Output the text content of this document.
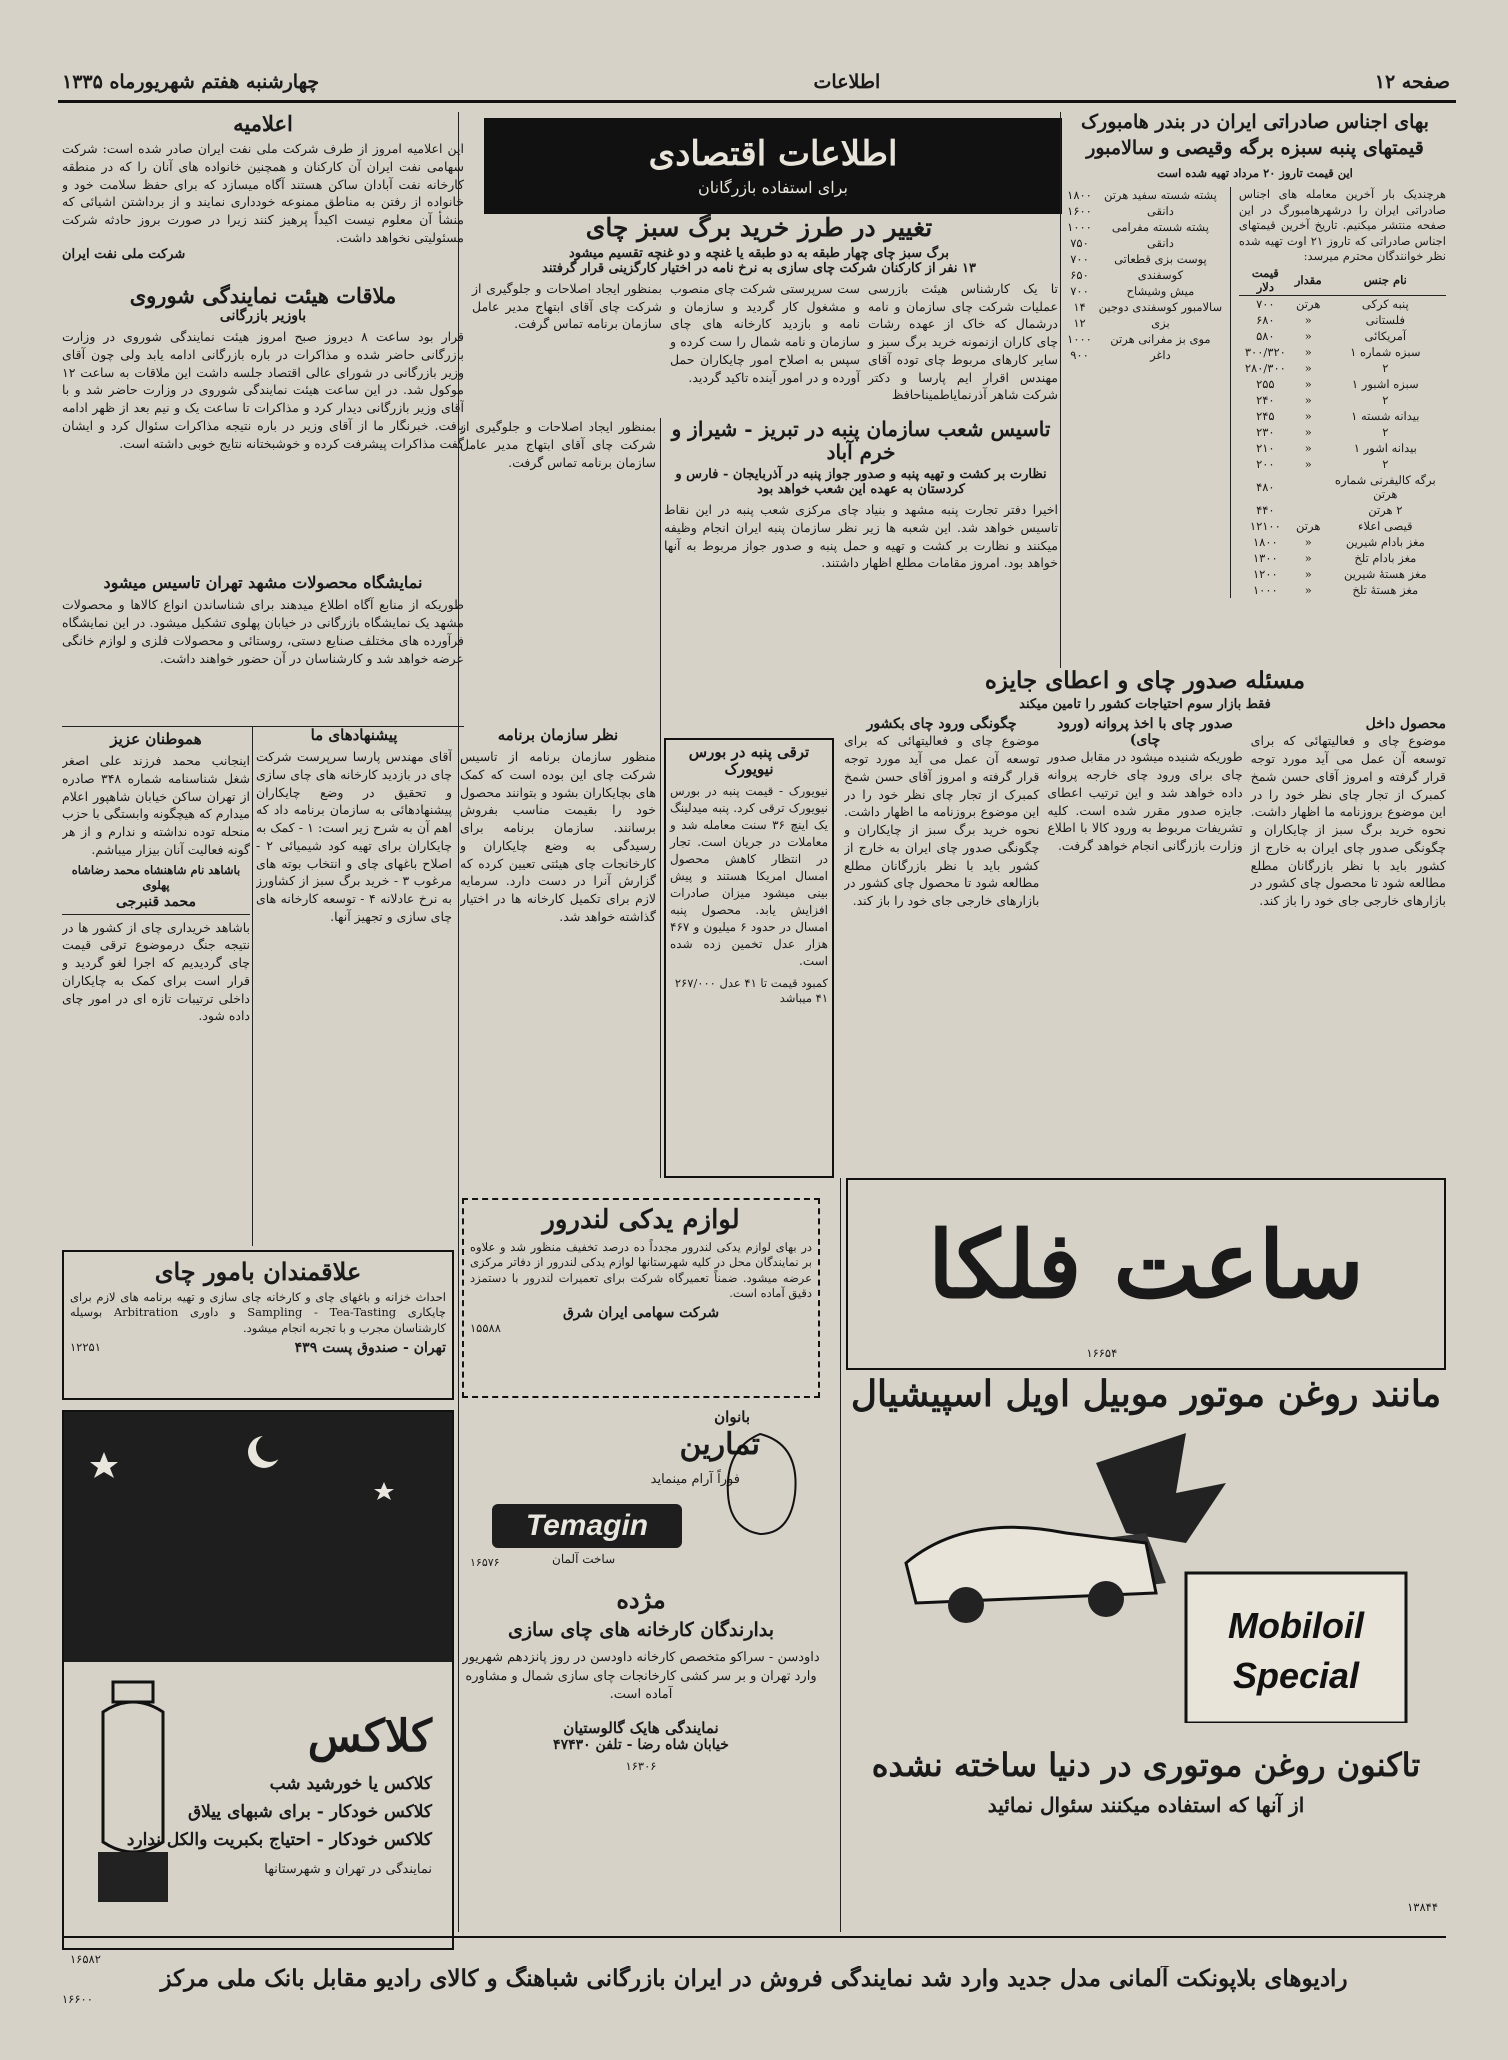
صفحه ۱۲
اطلاعات
چهارشنبه هفتم شهریورماه ۱۳۳۵
اطلاعات اقتصادی
برای استفاده بازرگانان
بهای اجناس صادراتی ایران در بندر هامبورک
قیمتهای پنبه سبزه برگه وقیصی و سالامبور
این قیمت تاروز ۲۰ مرداد تهیه شده است
هرچندیک بار آخرین معامله های اجناس صادراتی ایران را درشهرهامبورگ در این صفحه منتشر میکنیم. تاریخ آخرین قیمتهای اجناس صادراتی که تاروز ۲۱ اوت تهیه شده نظر خوانندگان محترم میرسد:
نام جنس	مقدار	قیمت دلار
پنبه کرکی	هرتن	۷۰۰
فلستانی	«	۶۸۰
آمریکائی	«	۵۸۰
سبزه شماره ۱	«	۳۰۰/۳۲۰
۲	«	۲۸۰/۳۰۰
سبزه اشبور ۱	«	۲۵۵
۲	«	۲۴۰
بیدانه شسته ۱	«	۲۴۵
۲	«	۲۳۰
بیدانه اشور ۱	«	۲۱۰
۲	«	۲۰۰
برگه کالیفرنی شماره هرتن		۴۸۰
۲ هرتن		۴۴۰
قیصی اعلاء	هرتن	۱۲۱۰۰
مغز بادام شیرین	«	۱۸۰۰
مغز بادام تلخ	«	۱۳۰۰
مغز هستهٔ شیرین	«	۱۲۰۰
مغز هستهٔ تلخ	«	۱۰۰۰
پشته شسته سفید هرتن	۱۸۰۰
دانقی	۱۶۰۰
پشته شسته مفرامی	۱۰۰۰
دانقی	۷۵۰
پوست بزی قطعاتی	۷۰۰
کوسفندی	۶۵۰
میش وشیشاح	۷۰۰
سالامبور کوسفندی دوجین	۱۴
بزی	۱۲
موی بز مفرانی هرتن	۱۰۰۰
داغر	۹۰۰
اعلامیه
این اعلامیه امروز از طرف شرکت ملی نفت ایران صادر شده است: شرکت سهامی نفت ایران آن کارکنان و همچنین خانواده های آنان را که در منطقه کارخانه نفت آبادان ساکن هستند آگاه میسازد که برای حفظ سلامت خود و خانواده از رفتن به مناطق ممنوعه خودداری نمایند و از برداشتن اشیائی که منشأ آن معلوم نیست اکیداً پرهیز کنند زیرا در صورت بروز حادثه شرکت مسئولیتی نخواهد داشت.
شرکت ملی نفت ایران
ملاقات هیئت نمایندگی شوروی
باوزیر بازرگانی
قرار بود ساعت ۸ دیروز صبح امروز هیئت نمایندگی شوروی در وزارت بازرگانی حاضر شده و مذاکرات در باره بازرگانی ادامه یابد ولی چون آقای وزیر بازرگانی در شورای عالی اقتصاد جلسه داشت این ملاقات به ساعت ۱۲ موکول شد. در این ساعت هیئت نمایندگی شوروی در وزارت حاضر شد و با آقای وزیر بازرگانی دیدار کرد و مذاکرات تا ساعت یک و نیم بعد از ظهر ادامه یافت. خبرنگار ما از آقای وزیر در باره نتیجه مذاکرات سئوال کرد و ایشان گفت مذاکرات پیشرفت کرده و خوشبختانه نتایج خوبی داشته است.
نمایشگاه محصولات مشهد تهران تاسیس میشود
طوریکه از منابع آگاه اطلاع میدهند برای شناساندن انواع کالاها و محصولات مشهد یک نمایشگاه بازرگانی در خیابان پهلوی تشکیل میشود. در این نمایشگاه فرآورده های مختلف صنایع دستی، روستائی و محصولات فلزی و لوازم خانگی عرضه خواهد شد و کارشناسان در آن حضور خواهند داشت.
تغییر در طرز خرید برگ سبز چای
برگ سبز چای چهار طبقه به دو طبقه یا غنچه و دو غنچه تقسیم میشود
۱۳ نفر از کارکنان شرکت چای سازی به نرخ نامه در اختیار کارگزینی قرار گرفتند
تا یک کارشناس هیئت بازرسی عملیات شرکت چای سازمان و نامه درشمال که خاک از عهده رشات چای کاران ازنمونه خرید برگ سبز و سایر کارهای مربوط چای توده آقای مهندس اقرار ایم پارسا و دکتر شرکت شاهر آذرنمایاطمیناحافظ
ست سرپرستی شرکت چای منصوب و مشغول کار گردید و سازمان و نامه و بازدید کارخانه های چای سازمان و نامه شمال را ست کرده و سپس به اصلاح امور چایکاران حمل آورده و در امور آینده تاکید گردید.
بمنظور ایجاد اصلاحات و جلوگیری از شرکت چای آقای ابتهاج مدیر عامل سازمان برنامه تماس گرفت.
تاسیس شعب سازمان پنبه در تبریز - شیراز و خرم آباد
نظارت بر کشت و تهیه پنبه و صدور جواز پنبه در آذربایجان - فارس و کردستان به عهده این شعب خواهد بود
اخیرا دفتر تجارت پنبه مشهد و بنیاد چای مرکزی شعب پنبه در این نقاط تاسیس خواهد شد. این شعبه ها زیر نظر سازمان پنبه ایران انجام وظیفه میکنند و نظارت بر کشت و تهیه و حمل پنبه و صدور جواز مربوط به آنها خواهد بود. امروز مقامات مطلع اظهار داشتند.
بمنظور ایجاد اصلاحات و جلوگیری از شرکت چای آقای ابتهاج مدیر عامل سازمان برنامه تماس گرفت.
نظر سازمان برنامه
منظور سازمان برنامه از تاسیس شرکت چای این بوده است که کمک های بچایکاران بشود و بتوانند محصول خود را بقیمت مناسب بفروش برسانند. سازمان برنامه برای رسیدگی به وضع چایکاران و کارخانجات چای هیئتی تعیین کرده که گزارش آنرا در دست دارد. سرمایه لازم برای تکمیل کارخانه ها در اختیار گذاشته خواهد شد.
ترقی پنبه در بورس نیویورک
نیویورک - قیمت پنبه در بورس نیویورک ترقی کرد. پنبه میدلینگ یک اینچ ۳۶ سنت معامله شد و معاملات در جریان است. تجار در انتظار کاهش محصول امسال امریکا هستند و پیش بینی میشود میزان صادرات افزایش یابد. محصول پنبه امسال در حدود ۶ میلیون و ۴۶۷ هزار عدل تخمین زده شده است.
کمبود قیمت تا ۴۱ عدل ۲۶۷/۰۰۰ ۴۱ میباشد
مسئله صدور چای و اعطای جایزه
فقط بازار سوم احتیاجات کشور را تامین میکند
محصول داخل
موضوع چای و فعالیتهائی که برای توسعه آن عمل می آید مورد توجه قرار گرفته و امروز آقای حسن شمخ کمبرک از تجار چای نظر خود را در این موضوع بروزنامه ما اظهار داشت. نحوه خرید برگ سبز از چایکاران و چگونگی صدور چای ایران به خارج از کشور باید با نظر بازرگانان مطلع مطالعه شود تا محصول چای کشور در بازارهای خارجی جای خود را باز کند.
صدور چای با اخذ پروانه (ورود چای)
طوریکه شنیده میشود در مقابل صدور چای برای ورود چای خارجه پروانه داده خواهد شد و این ترتیب اعطای جایزه صدور مقرر شده است. کلیه تشریفات مربوط به ورود کالا با اطلاع وزارت بازرگانی انجام خواهد گرفت.
چگونگی ورود چای بکشور
موضوع چای و فعالیتهائی که برای توسعه آن عمل می آید مورد توجه قرار گرفته و امروز آقای حسن شمخ کمبرک از تجار چای نظر خود را در این موضوع بروزنامه ما اظهار داشت. نحوه خرید برگ سبز از چایکاران و چگونگی صدور چای ایران به خارج از کشور باید با نظر بازرگانان مطلع مطالعه شود تا محصول چای کشور در بازارهای خارجی جای خود را باز کند.
پیشنهادهای ما
آقای مهندس پارسا سرپرست شرکت چای در بازدید کارخانه های چای سازی و تحقیق در وضع چایکاران پیشنهادهائی به سازمان برنامه داد که اهم آن به شرح زیر است: ۱ - کمک به چایکاران برای تهیه کود شیمیائی ۲ - اصلاح باغهای چای و انتخاب بوته های مرغوب ۳ - خرید برگ سبز از کشاورز به نرخ عادلانه ۴ - توسعه کارخانه های چای سازی و تجهیز آنها.
هموطنان عزیز
اینجانب محمد فرزند علی اصغر شغل شناسنامه شماره ۳۴۸ صادره از تهران ساکن خیابان شاهپور اعلام میدارم که هیچگونه وابستگی با حزب منحله توده نداشته و ندارم و از هر گونه فعالیت آنان بیزار میباشم.
باشاهد نام شاهنشاه محمد رضاشاه پهلوی
محمد قنبرجی
باشاهد خریداری چای از کشور ها در نتیجه جنگ درموضوع ترقی قیمت چای گردیدیم که اجرا لغو گردید و قرار است برای کمک به چایکاران داخلی ترتیبات تازه ای در امور چای داده شود.
علاقمندان بامور چای
احداث خزانه و باغهای چای و کارخانه چای سازی و تهیه برنامه های لازم برای چایکاری Sampling - Tea-Tasting و داوری Arbitration بوسیله کارشناسان مجرب و با تجربه انجام میشود.
تهران - صندوق پست ۴۳۹
۱۲۲۵۱
لوازم یدکی لندرور
در بهای لوازم یدکی لندرور مجدداً ده درصد تخفیف منظور شد و علاوه بر نمایندگان محل در کلیه شهرستانها لوازم یدکی لندرور از دفاتر مرکزی عرضه میشود. ضمناً تعمیرگاه شرکت برای تعمیرات لندرور با دستمزد دقیق آماده است.
شرکت سهامی ایران شرق
۱۵۵۸۸
ساعت فلکا
۱۶۶۵۴
مانند روغن موتور موبیل اویل اسپیشیال
Mobiloil
Special
تاکنون روغن موتوری در دنیا ساخته نشده
از آنها که استفاده میکنند سئوال نمائید
۱۳۸۴۴
بانوان
تمارین
فوراً آرام مینماید
Temagin
ساخت آلمان
۱۶۵۷۶
مژده
بدارندگان کارخانه های چای سازی
داودسن - سراکو متخصص کارخانه داودسن در روز پانزدهم شهریور وارد تهران و بر سر کشی کارخانجات چای سازی شمال و مشاوره آماده است.
نمایندگی هایک گالوستیان
خیابان شاه رضا - تلفن ۴۷۴۳۰
۱۶۳۰۶
کلاکس
کلاکس یا خورشید شب
کلاکس خودکار - برای شبهای ییلاق
کلاکس خودکار - احتیاج بکبریت والکل ندارد
نمایندگی در تهران و شهرستانها
۱۶۵۸۲
رادیوهای بلاپونکت آلمانی مدل جدید وارد شد نمایندگی فروش در ایران بازرگانی شباهنگ و کالای رادیو مقابل بانک ملی مرکز
۱۶۶۰۰
